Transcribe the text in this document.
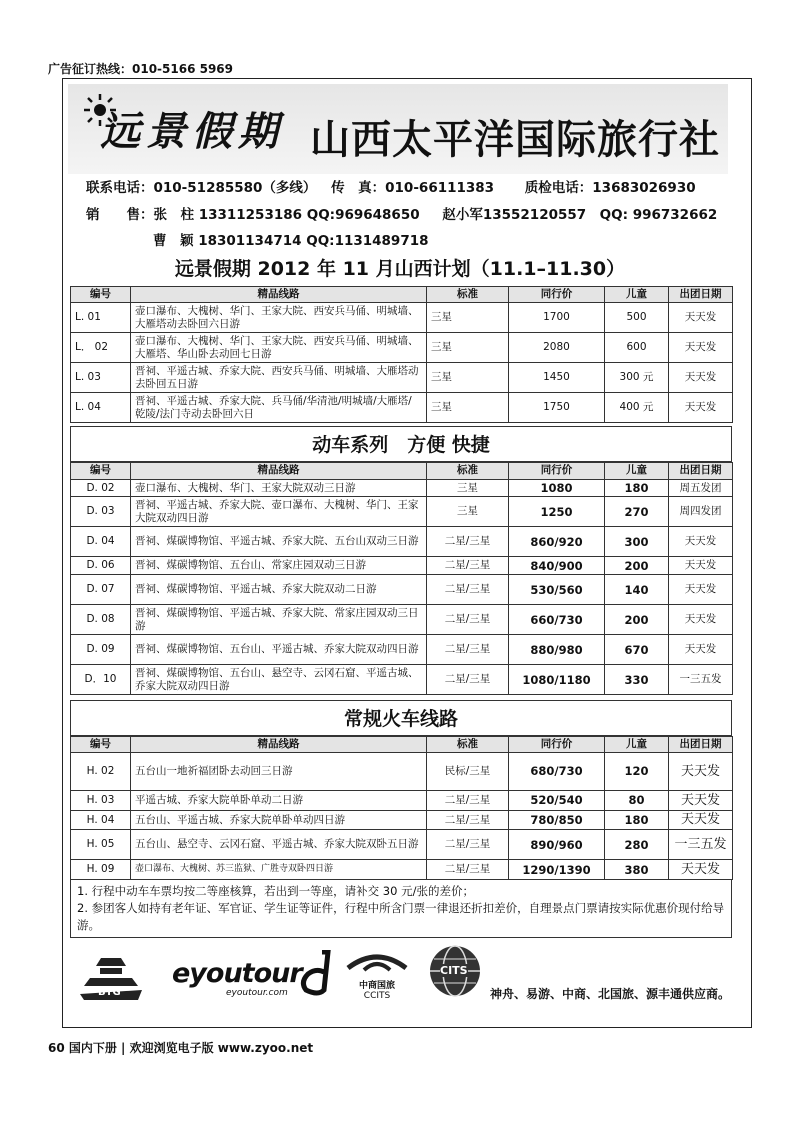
广告征订热线：010-5166 5969
远景假期 山西太平洋国际旅行社
联系电话：010-51285580（多线） 传　真：010-66111383 质检电话：13683026930
销　　售：张　柱 13311253186 QQ:969648650 赵小军13552120557　QQ: 996732662
曹　颖 18301134714 QQ:1131489718
远景假期 2012 年 11 月山西计划（11.1–11.30）
编号	精品线路	标准	同行价	儿童	出团日期
L. 01	壶口瀑布、大槐树、华门、王家大院、西安兵马俑、明城墙、大雁塔动去卧回六日游	三星	1700	500	天天发
L． 02	壶口瀑布、大槐树、华门、王家大院、西安兵马俑、明城墙、大雁塔、华山卧去动回七日游	三星	2080	600	天天发
L. 03	晋祠、平遥古城、乔家大院、西安兵马俑、明城墙、大雁塔动去卧回五日游	三星	1450	300 元	天天发
L. 04	晋祠、平遥古城、乔家大院、兵马俑/华清池/明城墙/大雁塔/乾陵/法门寺动去卧回六日	三星	1750	400 元	天天发
动车系列　方便 快捷
编号	精品线路	标准	同行价	儿童	出团日期
D. 02	壶口瀑布、大槐树、华门、王家大院双动三日游	三星	1080	180	周五发团
D. 03	晋祠、平遥古城、乔家大院、壶口瀑布、大槐树、华门、王家大院双动四日游	三星	1250	270	周四发团
D. 04	晋祠、煤碳博物馆、平遥古城、乔家大院、五台山双动三日游	二星/三星	860/920	300	天天发
D. 06	晋祠、煤碳博物馆、五台山、常家庄园双动三日游	二星/三星	840/900	200	天天发
D. 07	晋祠、煤碳博物馆、平遥古城、乔家大院双动二日游	二星/三星	530/560	140	天天发
D. 08	晋祠、煤碳博物馆、平遥古城、乔家大院、常家庄园双动三日游	二星/三星	660/730	200	天天发
D. 09	晋祠、煤碳博物馆、五台山、平遥古城、乔家大院双动四日游	二星/三星	880/980	670	天天发
D．10	晋祠、煤碳博物馆、五台山、悬空寺、云冈石窟、平遥古城、乔家大院双动四日游	二星/三星	1080/1180	330	一三五发
常规火车线路
编号	精品线路	标准	同行价	儿童	出团日期
H. 02	五台山一地祈福团卧去动回三日游	民标/三星	680/730	120	天天发
H. 03	平遥古城、乔家大院单卧单动二日游	二星/三星	520/540	80	天天发
H. 04	五台山、平遥古城、乔家大院单卧单动四日游	二星/三星	780/850	180	天天发
H. 05	五台山、悬空寺、云冈石窟、平遥古城、乔家大院双卧五日游	二星/三星	890/960	280	一三五发
H. 09	壶口瀑布、大槐树、苏三监狱、广胜寺双卧四日游	二星/三星	1290/1390	380	天天发
1. 行程中动车车票均按二等座核算，若出到一等座，请补交 30 元/张的差价；
2. 参团客人如持有老年证、军官证、学生证等证件，行程中所含门票一律退还折扣差价，自理景点门票请按实际优惠价现付给导游。
BTG
eyoutour
eyoutour.com
中商国旅
CCITS
CITS
神舟、易游、中商、北国旅、源丰通供应商。
60 国内下册 | 欢迎浏览电子版 www.zyoo.net
